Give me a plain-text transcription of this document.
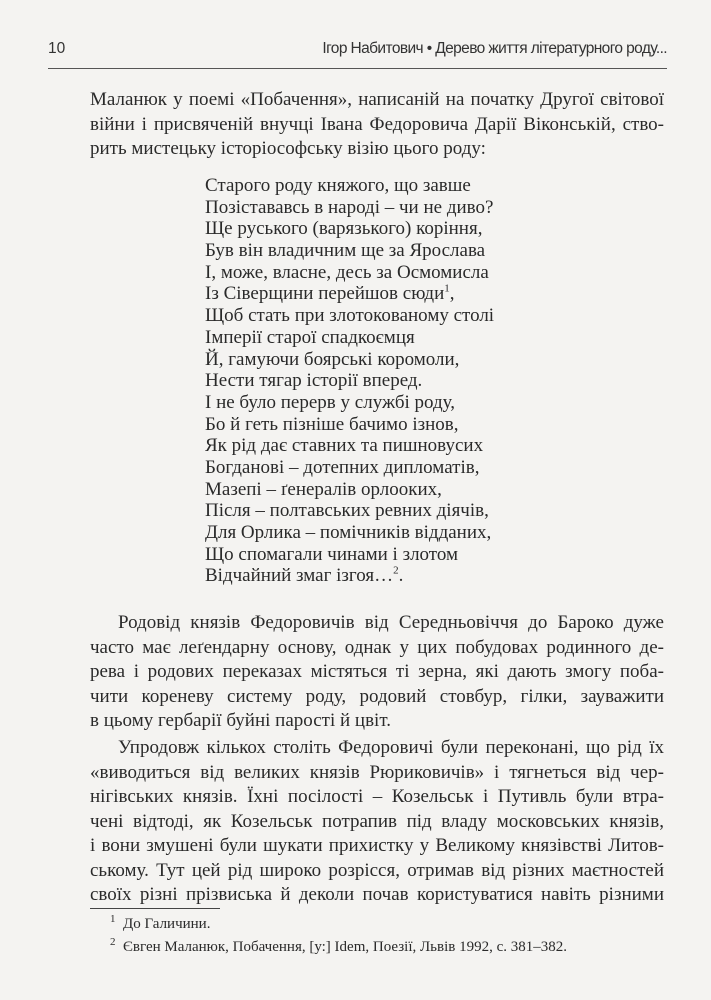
10	Ігор Набитович • Дерево життя літературного роду...
Маланюк у поемі «Побачення», написаній на початку Другої світової
війни і присвяченій внучці Івана Федоровича Дарії Віконській, ство-
рить мистецьку історіософську візію цього роду:
Старого роду княжого, що завше
Позістававсь в народі – чи не диво?
Ще руського (варязького) коріння,
Був він владичним ще за Ярослава
І, може, власне, десь за Осмомисла
Із Сіверщини перейшов сюди$^1$,
Щоб стать при злотокованому столі
Імперії старої спадкоємця
Й, гамуючи боярські коромоли,
Нести тягар історії вперед.
І не було перерв у службі роду,
Бо й геть пізніше бачимо ізнов,
Як рід дає ставних та пишновусих
Богданові – дотепних дипломатів,
Мазепі – ґенералів орлооких,
Після – полтавських ревних діячів,
Для Орлика – помічників відданих,
Що спомагали чинами і злотом
Відчайний змаг ізгоя…$^2$.
Родовід князів Федоровичів від Середньовіччя до Бароко дуже
часто має леґендарну основу, однак у цих побудовах родинного де-
рева і родових переказах містяться ті зерна, які дають змогу поба-
чити кореневу систему роду, родовий стовбур, гілки, зауважити
в цьому гербарії буйні паростi й цвіт.
Упродовж кількох століть Федоровичі були переконані, що рід їх
«виводиться від великих князів Рюриковичів» і тягнеться від чер-
нігівських князів. Їхні посілості – Козельськ і Путивль були втра-
чені відтоді, як Козельськ потрапив під владу московських князів,
і вони змушені були шукати прихистку у Великому князівстві Литов-
ському. Тут цей рід широко розрісся, отримав від різних маєтностей
своїх різні прізвиська й деколи почав користуватися навіть різними
$^1$ До Галичини.
$^2$ Євген Маланюк, Побачення, [у:] Idem, Поезії, Львів 1992, с. 381–382.
